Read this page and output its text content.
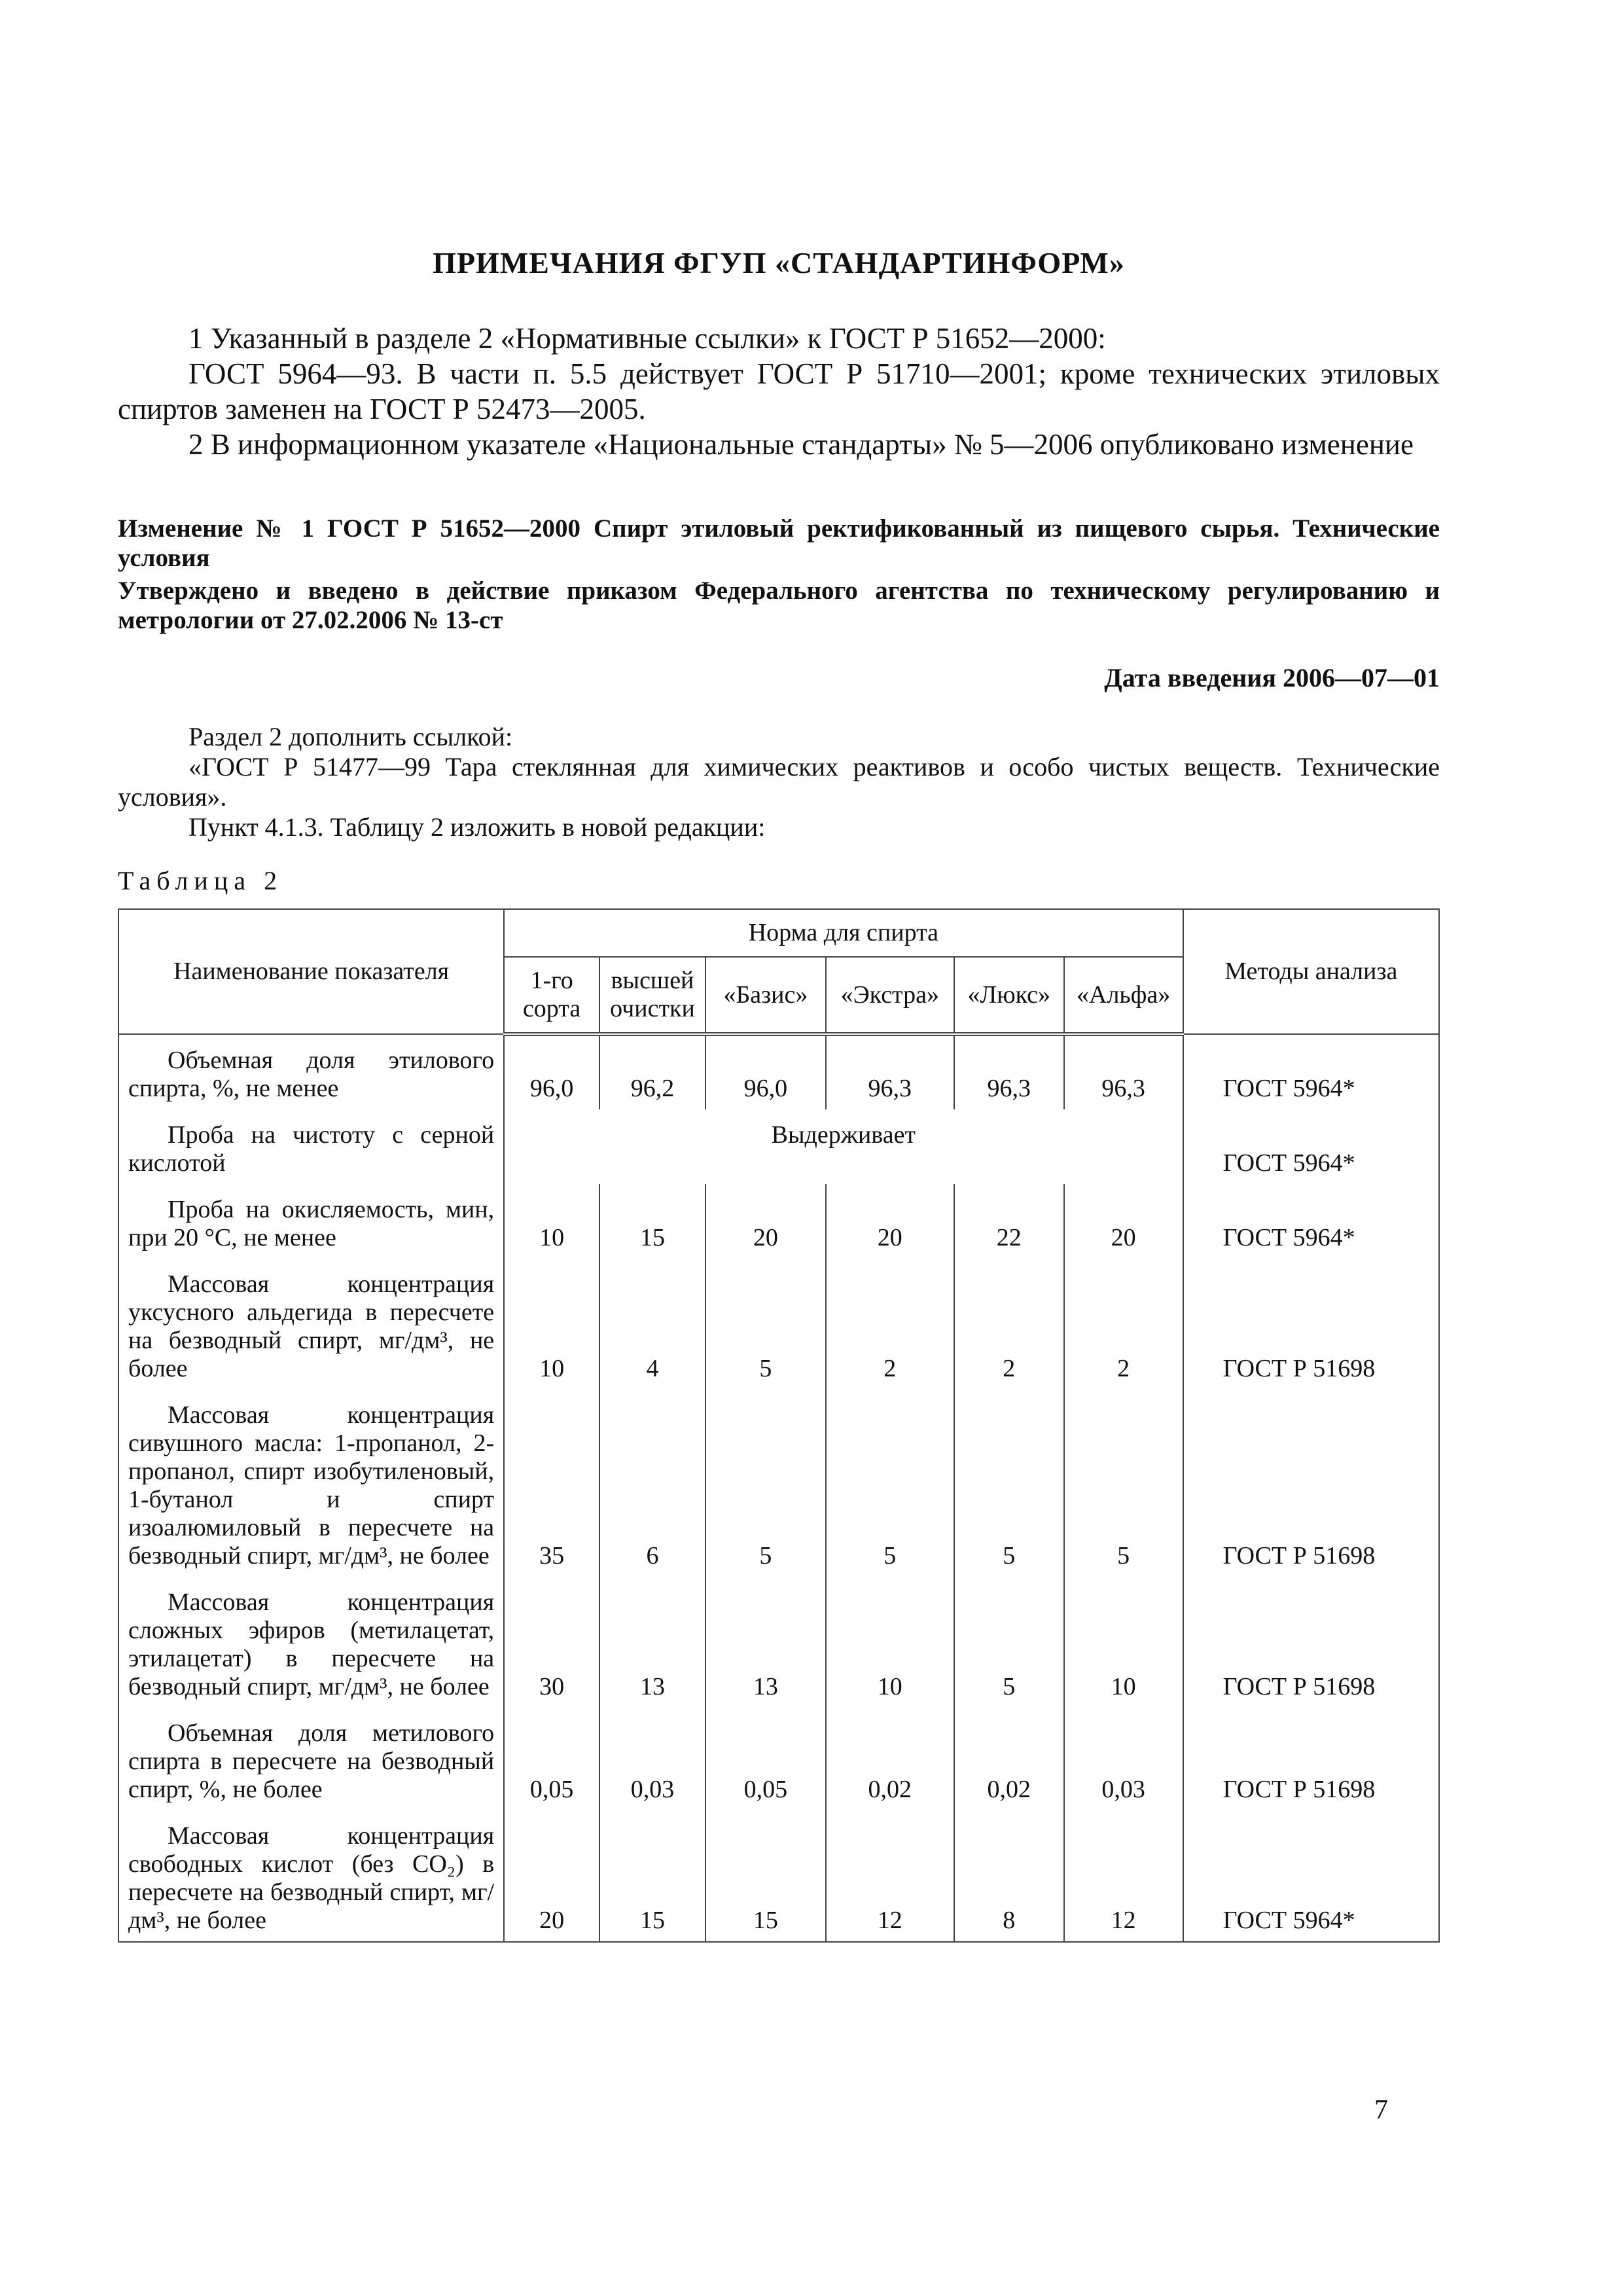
ПРИМЕЧАНИЯ ФГУП «СТАНДАРТИНФОРМ»

1 Указанный в разделе 2 «Нормативные ссылки» к ГОСТ Р 51652—2000:

ГОСТ 5964—93. В части п. 5.5 действует ГОСТ Р 51710—2001; кроме технических этиловых спиртов заменен на ГОСТ Р 52473—2005.

2 В информационном указателе «Национальные стандарты» № 5—2006 опубликовано изменение

Изменение № 1 ГОСТ Р 51652—2000 Спирт этиловый ректификованный из пищевого сырья. Технические условия

Утверждено и введено в действие приказом Федерального агентства по техническому регулированию и метрологии от 27.02.2006 № 13-ст

Дата введения 2006—07—01

Раздел 2 дополнить ссылкой:

«ГОСТ Р 51477—99 Тара стеклянная для химических реактивов и особо чистых веществ. Технические условия».

Пункт 4.1.3. Таблицу 2 изложить в новой редакции:

Таблица 2
Наименование показателя	Норма для спирта						Методы анализа
	1-го сорта	высшей очистки	«Базис»	«Экстра»	«Люкс»	«Альфа»	
Объемная доля этилового спирта, %, не менее	96,0	96,2	96,0	96,3	96,3	96,3	ГОСТ 5964*
Проба на чистоту с серной кислотой	Выдерживает						ГОСТ 5964*
Проба на окисляемость, мин, при 20 °С, не менее	10	15	20	20	22	20	ГОСТ 5964*
Массовая концентрация уксусного альдегида в пересчете на безводный спирт, мг/дм³, не более	10	4	5	2	2	2	ГОСТ Р 51698
Массовая концентрация сивушного масла: 1-пропанол, 2-пропанол, спирт изобутиленовый, 1-бутанол и спирт изоалюмиловый в пересчете на безводный спирт, мг/дм³, не более	35	6	5	5	5	5	ГОСТ Р 51698
Массовая концентрация сложных эфиров (метилацетат, этилацетат) в пересчете на безводный спирт, мг/дм³, не более	30	13	13	10	5	10	ГОСТ Р 51698
Объемная доля метилового спирта в пересчете на безводный спирт, %, не более	0,05	0,03	0,05	0,02	0,02	0,03	ГОСТ Р 51698
Массовая концентрация свободных кислот (без СО₂) в пересчете на безводный спирт, мг/дм³, не более	20	15	15	12	8	12	ГОСТ 5964*
7
